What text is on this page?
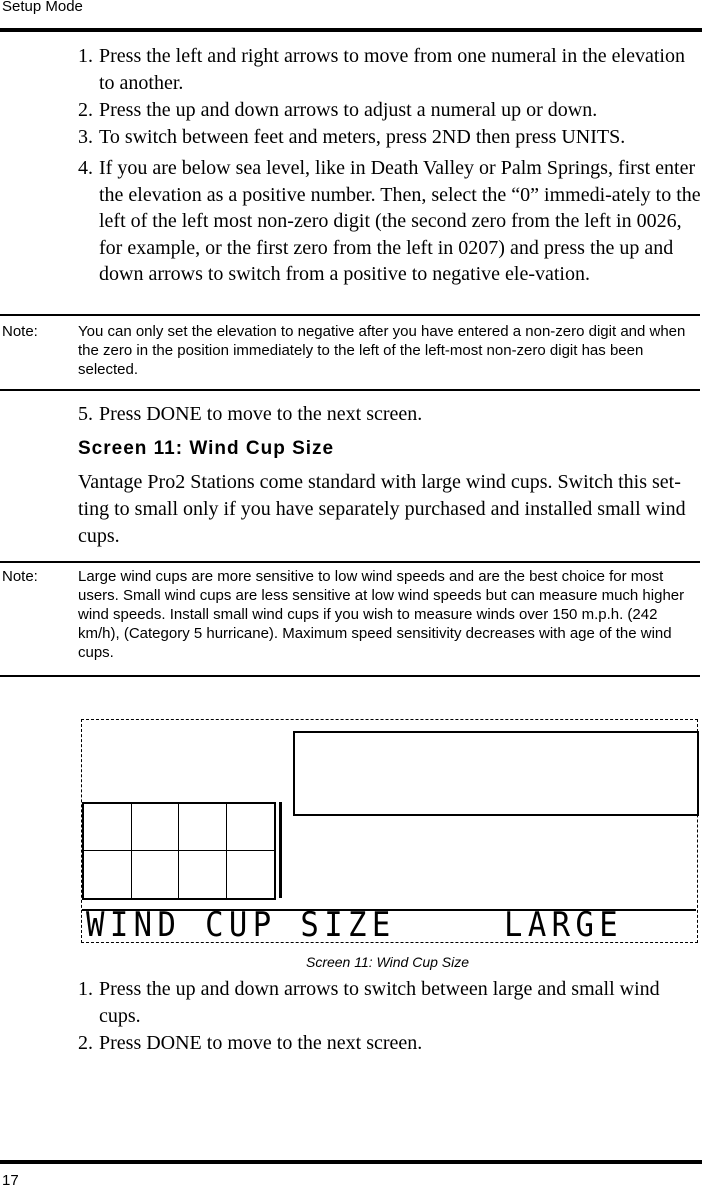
Setup Mode
1. Press the left and right arrows to move from one numeral in the elevation to another.
2. Press the up and down arrows to adjust a numeral up or down.
3. To switch between feet and meters, press 2ND then press UNITS.
4. If you are below sea level, like in Death Valley or Palm Springs, first enter the elevation as a positive number. Then, select the “0” immedi-ately to the left of the left most non-zero digit (the second zero from the left in 0026, for example, or the first zero from the left in 0207) and press the up and down arrows to switch from a positive to negative ele-vation.
Note:	You can only set the elevation to negative after you have entered a non-zero digit and when the zero in the position immediately to the left of the left-most non-zero digit has been selected.
5. Press DONE to move to the next screen.
Screen 11: Wind Cup Size
Vantage Pro2 Stations come standard with large wind cups. Switch this set-ting to small only if you have separately purchased and installed small wind cups.
Note:	Large wind cups are more sensitive to low wind speeds and are the best choice for most users. Small wind cups are less sensitive at low wind speeds but can measure much higher wind speeds. Install small wind cups if you wish to measure winds over 150 m.p.h. (242 km/h), (Category 5 hurricane). Maximum speed sensitivity decreases with age of the wind cups.
WIND CUP SIZE	LARGE
Screen 11: Wind Cup Size
1. Press the up and down arrows to switch between large and small wind cups.
2. Press DONE to move to the next screen.
17
